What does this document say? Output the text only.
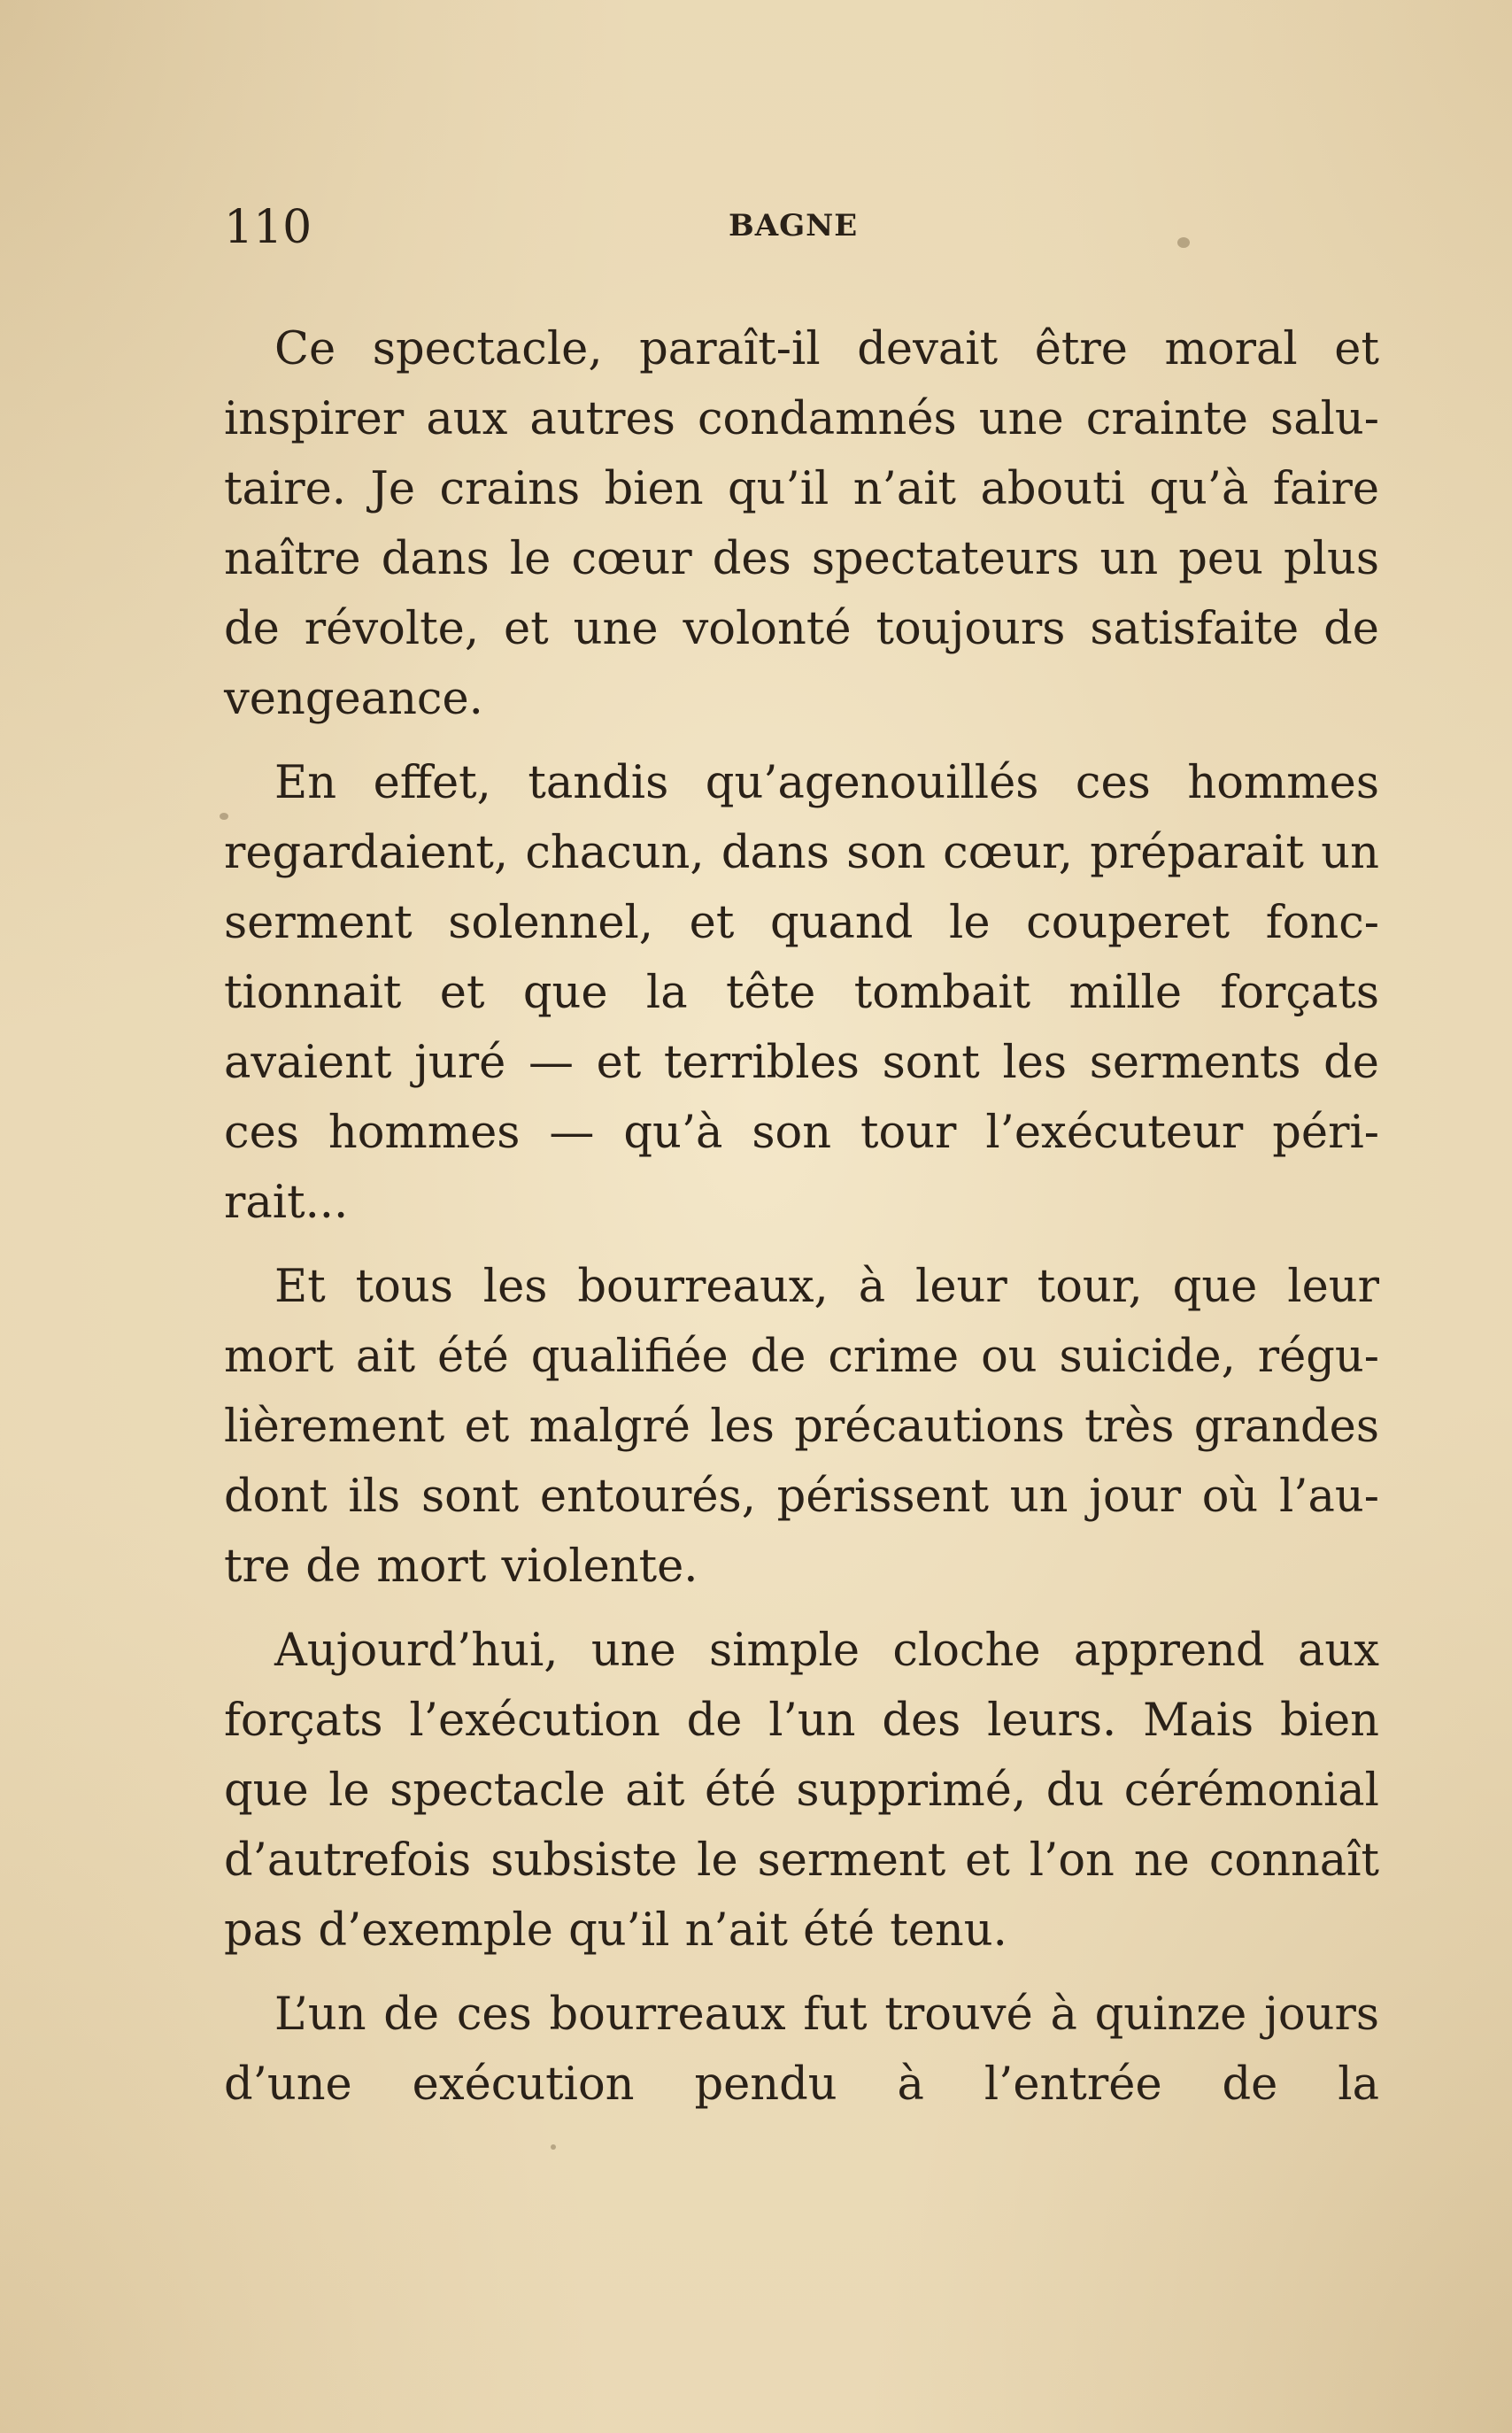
110	BAGNE

Ce spectacle, paraît-il devait être moral et inspirer aux autres condamnés une crainte salutaire. Je crains bien qu’il n’ait abouti qu’à faire naître dans le cœur des spectateurs un peu plus de révolte, et une volonté toujours satisfaite de vengeance.

En effet, tandis qu’agenouillés ces hommes regardaient, chacun, dans son cœur, préparait un serment solennel, et quand le couperet fonctionnait et que la tête tombait mille forçats avaient juré — et terribles sont les serments de ces hommes — qu’à son tour l’exécuteur périrait...

Et tous les bourreaux, à leur tour, que leur mort ait été qualifiée de crime ou suicide, régulièrement et malgré les précautions très grandes dont ils sont entourés, périssent un jour où l’autre de mort violente.

Aujourd’hui, une simple cloche apprend aux forçats l’exécution de l’un des leurs. Mais bien que le spectacle ait été supprimé, du cérémonial d’autrefois subsiste le serment et l’on ne connaît pas d’exemple qu’il n’ait été tenu.

L’un de ces bourreaux fut trouvé à quinze jours d’une exécution pendu à l’entrée de la
